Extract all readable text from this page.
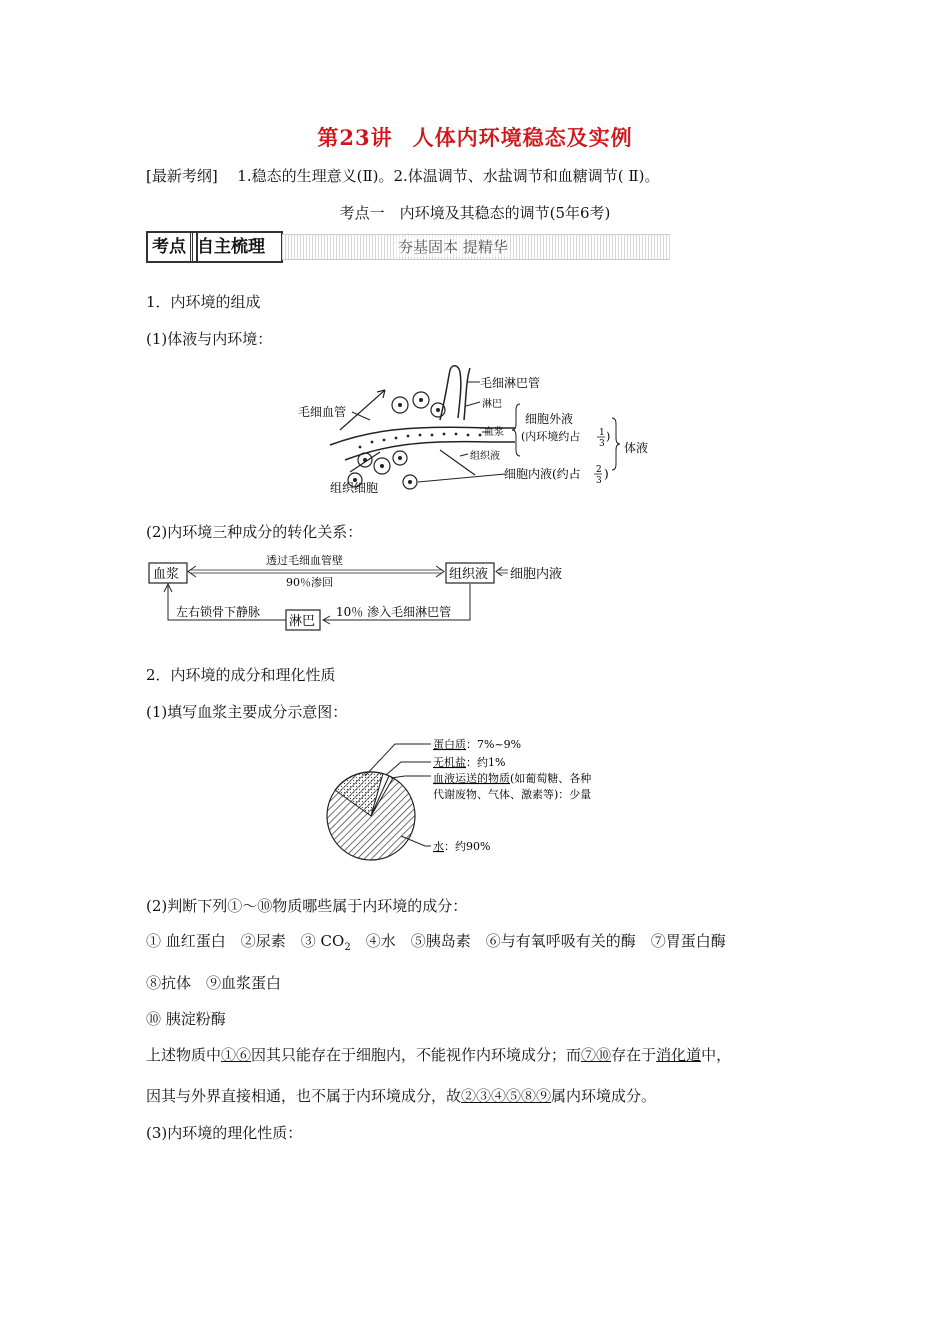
第23讲 人体内环境稳态及实例
[最新考纲] 1.稳态的生理意义(Ⅱ)。2.体温调节、水盐调节和血糖调节( Ⅱ)。
考点一　内环境及其稳态的调节(5年6考)
考点 自主梳理	夯基固本 提精华
1．内环境的组成
(1)体液与内环境：
毛细血管
毛细淋巴管
淋巴
血浆
组织液
组织细胞
细胞外液
(内环境约占 1
3
)
细胞内液(约占 2
3 )
体液
(2)内环境三种成分的转化关系：
血浆	组织液 细胞内液
淋巴
透过毛细血管壁
90％渗回
10％ 渗入毛细淋巴管
左右锁骨下静脉
2．内环境的成分和理化性质
(1)填写血浆主要成分示意图：
蛋白质：7%~9%
无机盐：约1%
血液运送的物质(如葡萄糖、各种
代谢废物、气体、激素等)：少量
水：约90%
(2)判断下列①～⑩物质哪些属于内环境的成分：
① 血红蛋白　②尿素　③ $CO_2$　④水　⑤胰岛素　⑥与有氧呼吸有关的酶　⑦胃蛋白酶
⑧抗体　⑨血浆蛋白
⑩ 胰淀粉酶
上述物质中①⑥因其只能存在于细胞内，不能视作内环境成分；而⑦⑩存在于消化道中，
因其与外界直接相通，也不属于内环境成分，故②③④⑤⑧⑨属内环境成分。
(3)内环境的理化性质：
